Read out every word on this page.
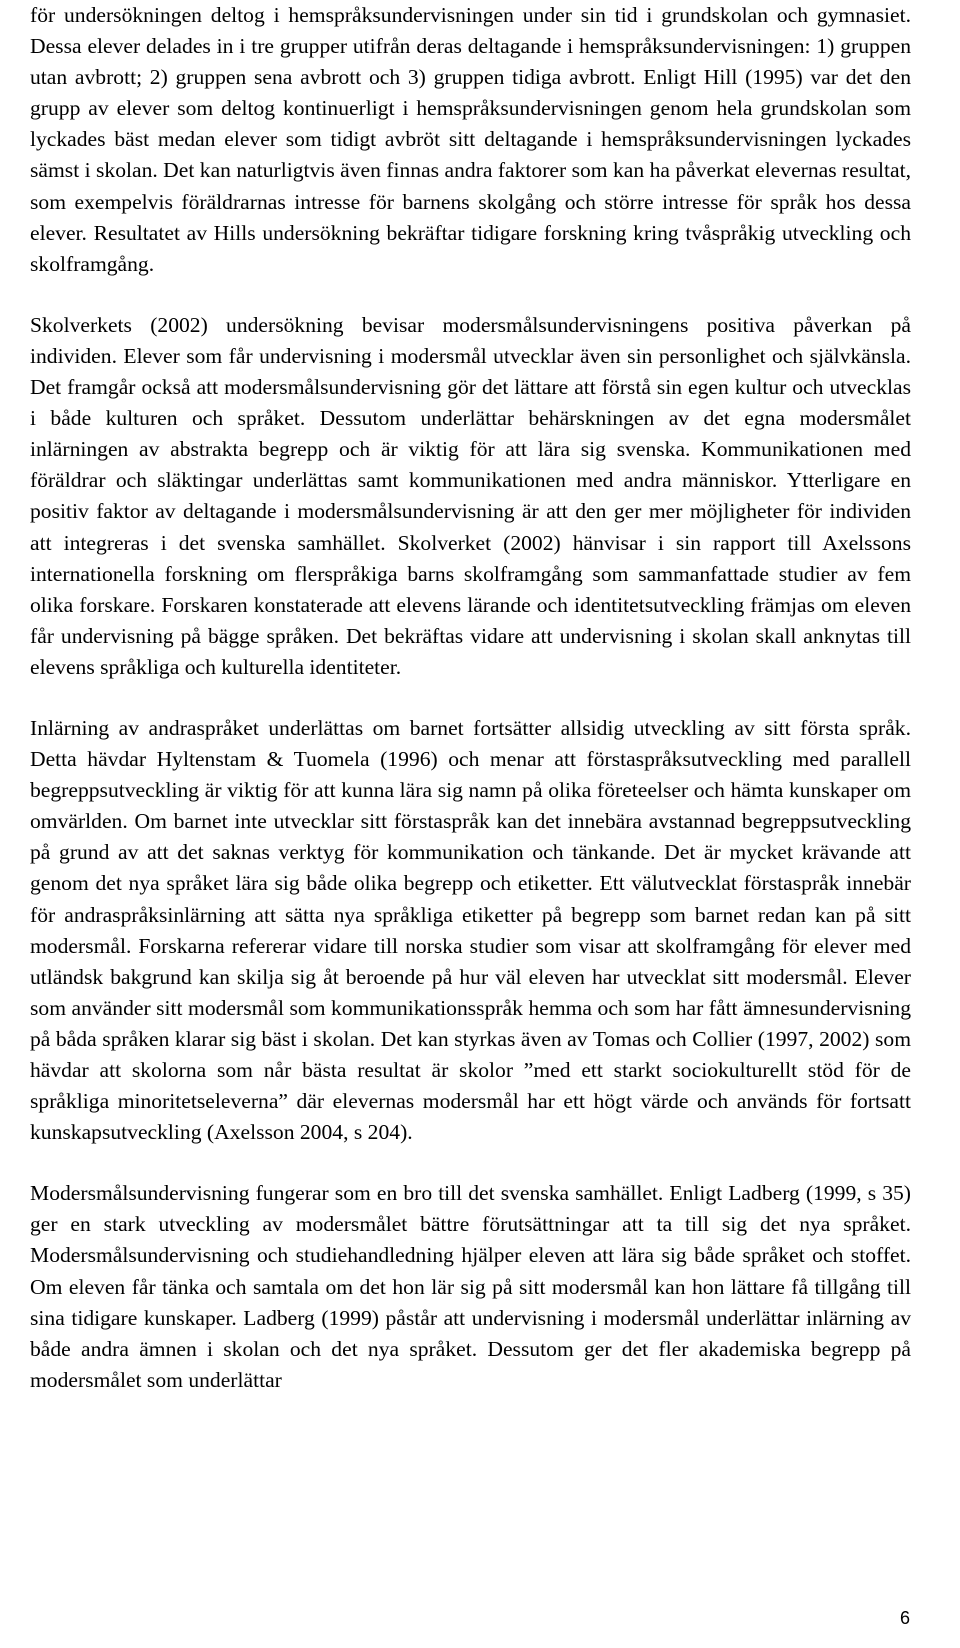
för undersökningen deltog i hemspråksundervisningen under sin tid i grundskolan och gymnasiet. Dessa elever delades in i tre grupper utifrån deras deltagande i hemspråksundervisningen: 1) gruppen utan avbrott; 2) gruppen sena avbrott och 3) gruppen tidiga avbrott. Enligt Hill (1995) var det den grupp av elever som deltog kontinuerligt i hemspråksundervisningen genom hela grundskolan som lyckades bäst medan elever som tidigt avbröt sitt deltagande i hemspråksundervisningen lyckades sämst i skolan. Det kan naturligtvis även finnas andra faktorer som kan ha påverkat elevernas resultat, som exempelvis föräldrarnas intresse för barnens skolgång och större intresse för språk hos dessa elever. Resultatet av Hills undersökning bekräftar tidigare forskning kring tvåspråkig utveckling och skolframgång.

Skolverkets (2002) undersökning bevisar modersmålsundervisningens positiva påverkan på individen. Elever som får undervisning i modersmål utvecklar även sin personlighet och självkänsla. Det framgår också att modersmålsundervisning gör det lättare att förstå sin egen kultur och utvecklas i både kulturen och språket. Dessutom underlättar behärskningen av det egna modersmålet inlärningen av abstrakta begrepp och är viktig för att lära sig svenska. Kommunikationen med föräldrar och släktingar underlättas samt kommunikationen med andra människor. Ytterligare en positiv faktor av deltagande i modersmålsundervisning är att den ger mer möjligheter för individen att integreras i det svenska samhället. Skolverket (2002) hänvisar i sin rapport till Axelssons internationella forskning om flerspråkiga barns skolframgång som sammanfattade studier av fem olika forskare. Forskaren konstaterade att elevens lärande och identitetsutveckling främjas om eleven får undervisning på bägge språken. Det bekräftas vidare att undervisning i skolan skall anknytas till elevens språkliga och kulturella identiteter.

Inlärning av andraspråket underlättas om barnet fortsätter allsidig utveckling av sitt första språk. Detta hävdar Hyltenstam & Tuomela (1996) och menar att förstaspråksutveckling med parallell begreppsutveckling är viktig för att kunna lära sig namn på olika företeelser och hämta kunskaper om omvärlden. Om barnet inte utvecklar sitt förstaspråk kan det innebära avstannad begreppsutveckling på grund av att det saknas verktyg för kommunikation och tänkande. Det är mycket krävande att genom det nya språket lära sig både olika begrepp och etiketter. Ett välutvecklat förstaspråk innebär för andraspråksinlärning att sätta nya språkliga etiketter på begrepp som barnet redan kan på sitt modersmål. Forskarna refererar vidare till norska studier som visar att skolframgång för elever med utländsk bakgrund kan skilja sig åt beroende på hur väl eleven har utvecklat sitt modersmål. Elever som använder sitt modersmål som kommunikationsspråk hemma och som har fått ämnesundervisning på båda språken klarar sig bäst i skolan. Det kan styrkas även av Tomas och Collier (1997, 2002) som hävdar att skolorna som når bästa resultat är skolor ”med ett starkt sociokulturellt stöd för de språkliga minoritetseleverna” där elevernas modersmål har ett högt värde och används för fortsatt kunskapsutveckling (Axelsson 2004, s 204).

Modersmålsundervisning fungerar som en bro till det svenska samhället. Enligt Ladberg (1999, s 35) ger en stark utveckling av modersmålet bättre förutsättningar att ta till sig det nya språket. Modersmålsundervisning och studiehandledning hjälper eleven att lära sig både språket och stoffet. Om eleven får tänka och samtala om det hon lär sig på sitt modersmål kan hon lättare få tillgång till sina tidigare kunskaper. Ladberg (1999) påstår att undervisning i modersmål underlättar inlärning av både andra ämnen i skolan och det nya språket. Dessutom ger det fler akademiska begrepp på modersmålet som underlättar

6
